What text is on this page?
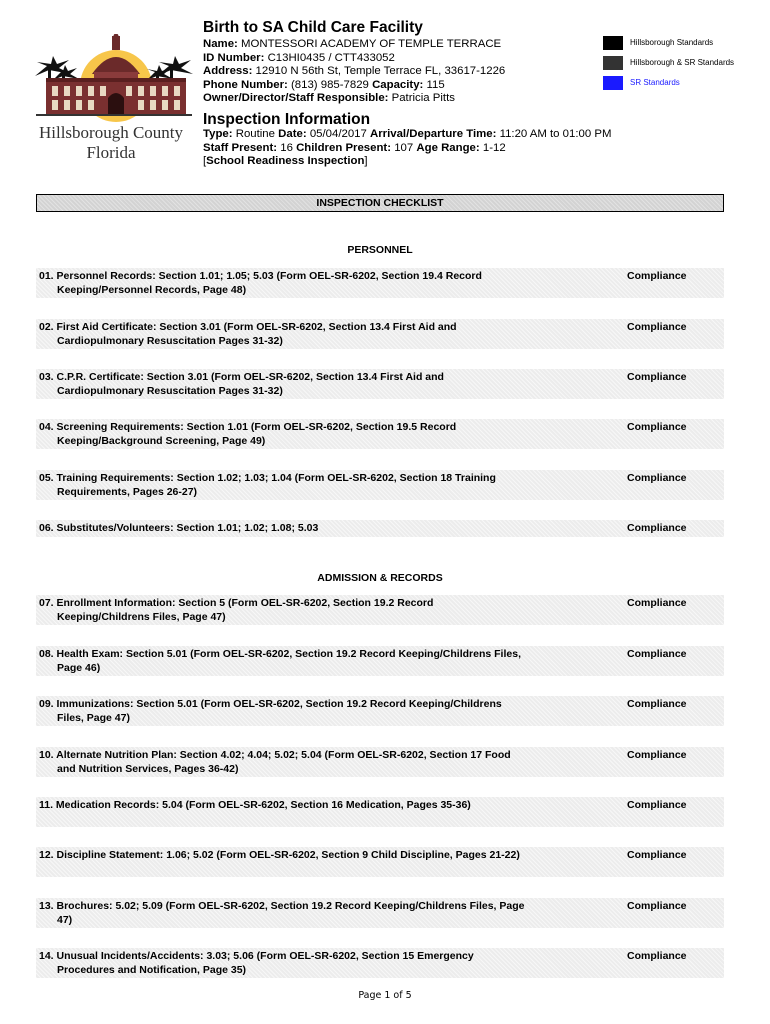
Hillsborough County
Florida
Birth to SA Child Care Facility
Name: MONTESSORI ACADEMY OF TEMPLE TERRACE
ID Number: C13HI0435 / CTT433052
Address: 12910 N 56th St, Temple Terrace FL, 33617-1226
Phone Number: (813) 985-7829 Capacity: 115
Owner/Director/Staff Responsible: Patricia Pitts
Hillsborough Standards
Hillsborough & SR Standards
SR Standards
Inspection Information
Type: Routine Date: 05/04/2017 Arrival/Departure Time: 11:20 AM to 01:00 PM
Staff Present: 16 Children Present: 107 Age Range: 1-12
[School Readiness Inspection]
INSPECTION CHECKLIST
PERSONNEL
01. Personnel Records: Section 1.01; 1.05; 5.03 (Form OEL-SR-6202, Section 19.4 Record Keeping/Personnel Records, Page 48)
Compliance
02. First Aid Certificate: Section 3.01 (Form OEL-SR-6202, Section 13.4 First Aid and Cardiopulmonary Resuscitation Pages 31-32)
Compliance
03. C.P.R. Certificate: Section 3.01 (Form OEL-SR-6202, Section 13.4 First Aid and Cardiopulmonary Resuscitation Pages 31-32)
Compliance
04. Screening Requirements: Section 1.01 (Form OEL-SR-6202, Section 19.5 Record Keeping/Background Screening, Page 49)
Compliance
05. Training Requirements: Section 1.02; 1.03; 1.04 (Form OEL-SR-6202, Section 18 Training Requirements, Pages 26-27)
Compliance
06. Substitutes/Volunteers: Section 1.01; 1.02; 1.08; 5.03	Compliance
ADMISSION & RECORDS
07. Enrollment Information: Section 5 (Form OEL-SR-6202, Section 19.2 Record Keeping/Childrens Files, Page 47)
Compliance
08. Health Exam: Section 5.01 (Form OEL-SR-6202, Section 19.2 Record Keeping/Childrens Files, Page 46)
Compliance
09. Immunizations: Section 5.01 (Form OEL-SR-6202, Section 19.2 Record Keeping/Childrens Files, Page 47)
Compliance
10. Alternate Nutrition Plan: Section 4.02; 4.04; 5.02; 5.04 (Form OEL-SR-6202, Section 17 Food and Nutrition Services, Pages 36-42)
Compliance
11. Medication Records: 5.04 (Form OEL-SR-6202, Section 16 Medication, Pages 35-36)	Compliance
12. Discipline Statement: 1.06; 5.02 (Form OEL-SR-6202, Section 9 Child Discipline, Pages 21-22)	Compliance
13. Brochures: 5.02; 5.09 (Form OEL-SR-6202, Section 19.2 Record Keeping/Childrens Files, Page 47)
Compliance
14. Unusual Incidents/Accidents: 3.03; 5.06 (Form OEL-SR-6202, Section 15 Emergency Procedures and Notification, Page 35)
Compliance
Page 1 of 5
